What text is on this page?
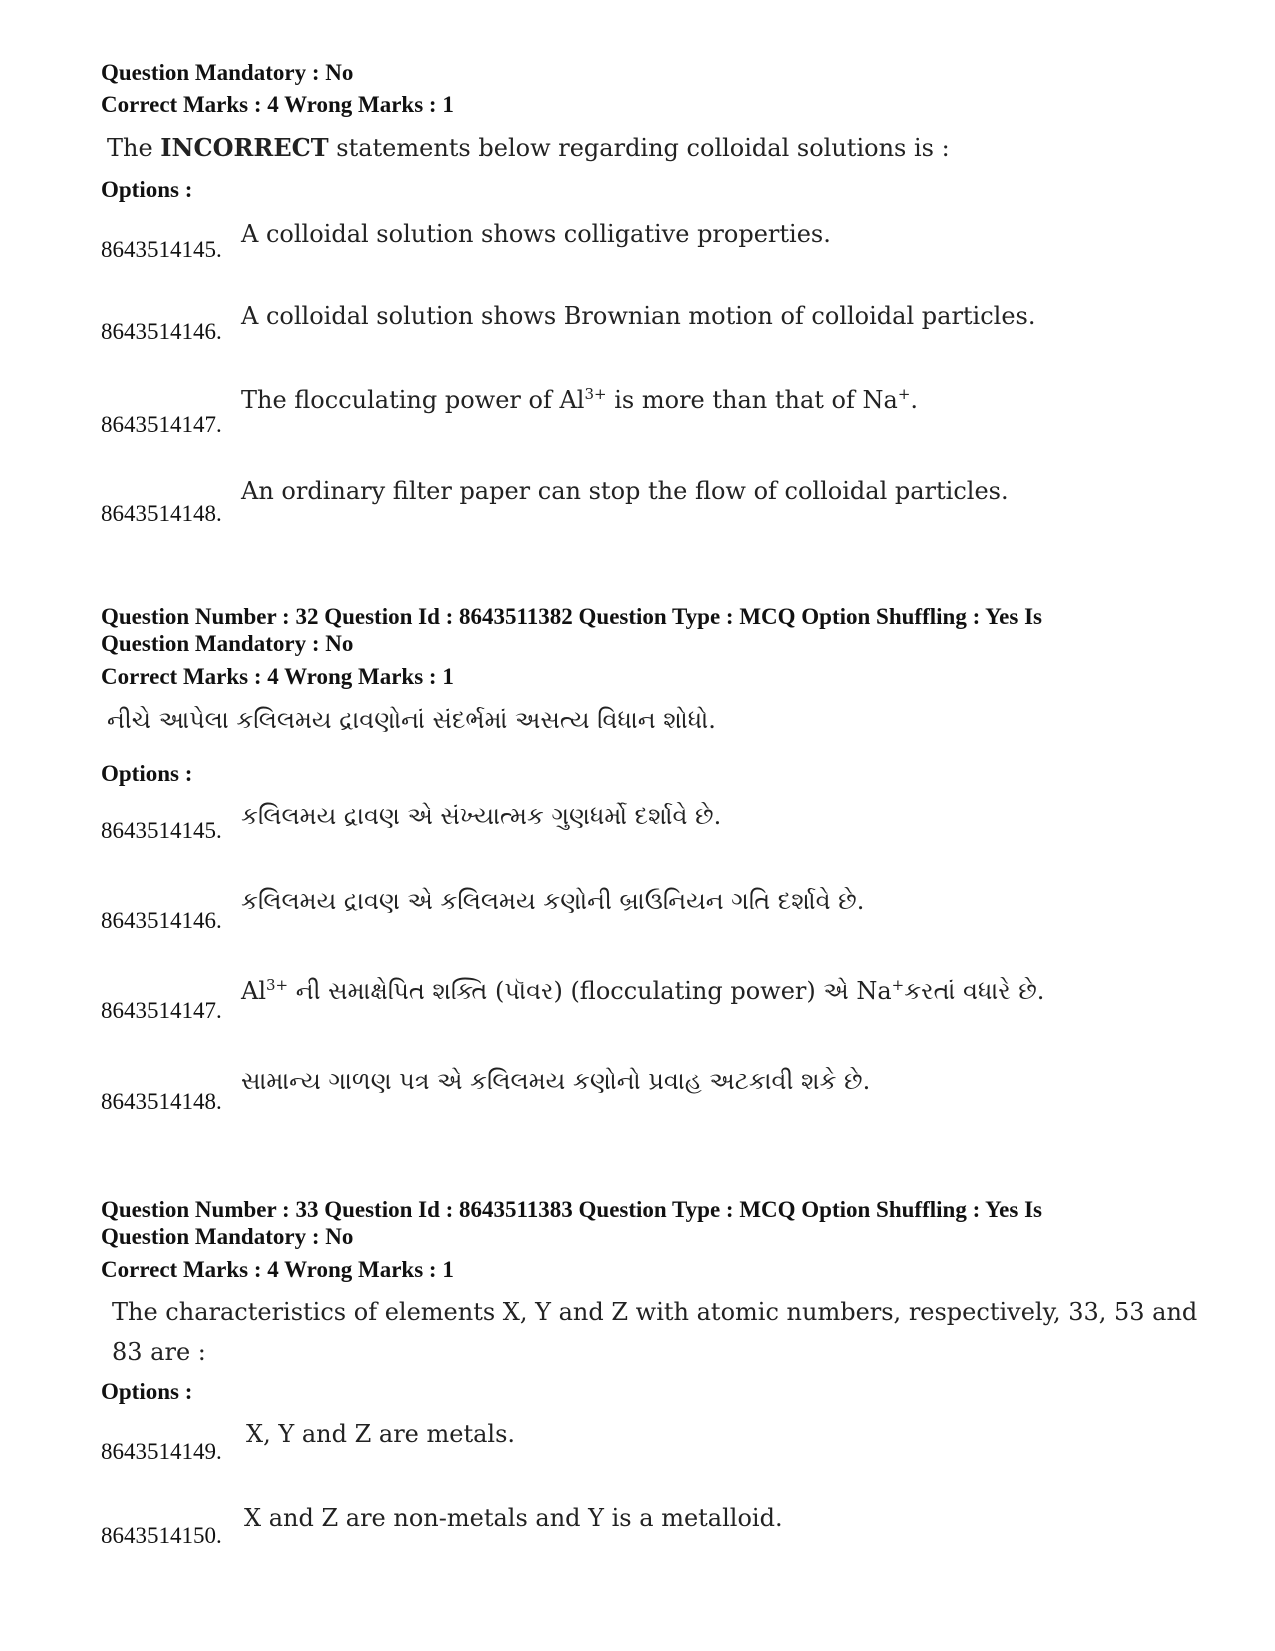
Question Mandatory : No
Correct Marks : 4 Wrong Marks : 1
The INCORRECT statements below regarding colloidal solutions is :
Options :
8643514145.
A colloidal solution shows colligative properties.
8643514146.
A colloidal solution shows Brownian motion of colloidal particles.
8643514147.
The flocculating power of $Al^{3+}$ is more than that of Na+.
8643514148.
An ordinary filter paper can stop the flow of colloidal particles.
Question Number : 32 Question Id : 8643511382 Question Type : MCQ Option Shuffling : Yes Is
Question Mandatory : No
Correct Marks : 4 Wrong Marks : 1
નીચે આપેલા કલિલમય દ્રાવણોનાં સંદર્ભમાં અસત્ય વિધાન શોધો.
Options :
8643514145.
કલિલમય દ્રાવણ એ સંખ્યાત્મક ગુણધર્મો દર્શાવે છે.
8643514146.
કલિલમય દ્રાવણ એ કલિલમય કણોની બ્રાઉનિયન ગતિ દર્શાવે છે.
8643514147.
$Al^{3+}$ ની સમાક્ષેપિત શક્તિ (પૉવર) (flocculating power) એ Na+કરતાં વધારે છે.
8643514148.
સામાન્ય ગાળણ પત્ર એ કલિલમય કણોનો પ્રવાહ અટકાવી શકે છે.
Question Number : 33 Question Id : 8643511383 Question Type : MCQ Option Shuffling : Yes Is
Question Mandatory : No
Correct Marks : 4 Wrong Marks : 1
The characteristics of elements X, Y and Z with atomic numbers, respectively, 33, 53 and 83 are :
Options :
8643514149.
X, Y and Z are metals.
8643514150.
X and Z are non-metals and Y is a metalloid.
